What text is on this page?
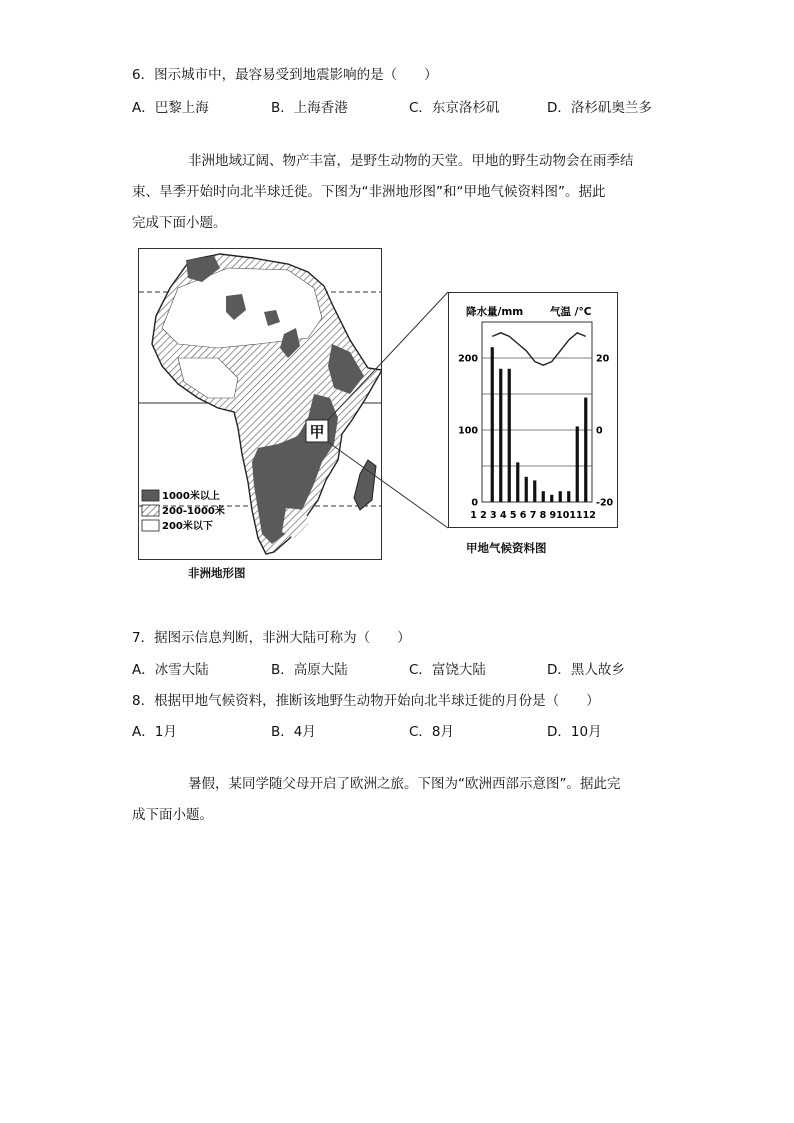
6．图示城市中，最容易受到地震影响的是（　　）
A．巴黎上海	B．上海香港	C．东京洛杉矶	D．洛杉矶奥兰多
非洲地域辽阔、物产丰富，是野生动物的天堂。甲地的野生动物会在雨季结
束、旱季开始时向北半球迁徙。下图为“非洲地形图”和“甲地气候资料图”。据此
完成下面小题。
甲
1000米以上
200-1000米
200米以下
降水量/mm	气温 /°C
0
100
200
-20
0
20
1 2 3 4 5 6 7 8 9101112
甲地气候资料图
非洲地形图
7．据图示信息判断，非洲大陆可称为（　　）
A．冰雪大陆	B．高原大陆	C．富饶大陆	D．黑人故乡
8．根据甲地气候资料，推断该地野生动物开始向北半球迁徙的月份是（　　）
A．1月	B．4月	C．8月	D．10月
暑假，某同学随父母开启了欧洲之旅。下图为“欧洲西部示意图”。据此完
成下面小题。
